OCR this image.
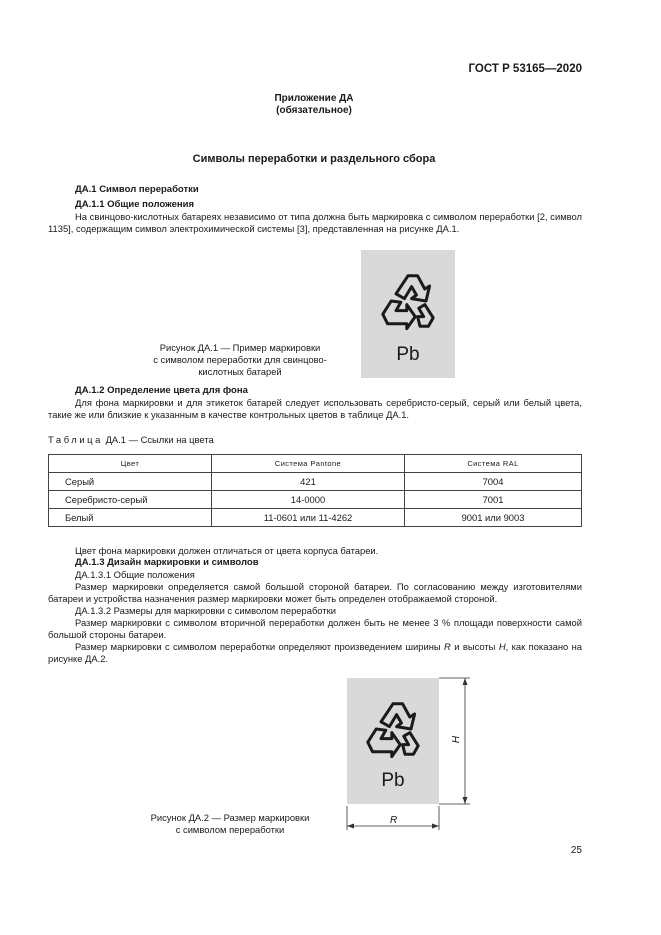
ГОСТ Р 53165—2020
Приложение ДА
(обязательное)
Символы переработки и раздельного сбора
ДА.1 Символ переработки
ДА.1.1 Общие положения
На свинцово-кислотных батареях независимо от типа должна быть маркировка с символом переработки [2, символ 1135], содержащим символ электрохимической системы [3], представленная на рисунке ДА.1.
Pb
Рисунок ДА.1 — Пример маркировки
с символом переработки для свинцово-
кислотных батарей
ДА.1.2 Определение цвета для фона
Для фона маркировки и для этикеток батарей следует использовать серебристо-серый, серый или белый цвета, такие же или близкие к указанным в качестве контрольных цветов в таблице ДА.1.
Таблица ДА.1 — Ссылки на цвета
Цвет	Система Pantone	Система RAL
Серый	421	7004
Серебристо-серый	14-0000	7001
Белый	11-0601 или 11-4262	9001 или 9003
Цвет фона маркировки должен отличаться от цвета корпуса батареи.
ДА.1.3 Дизайн маркировки и символов
ДА.1.3.1 Общие положения
Размер маркировки определяется самой большой стороной батареи. По согласованию между изготовителями батареи и устройства назначения размер маркировки может быть определен отображаемой стороной.
ДА.1.3.2 Размеры для маркировки с символом переработки
Размер маркировки с символом вторичной переработки должен быть не менее 3 % площади поверхности самой большой стороны батареи.
Размер маркировки с символом переработки определяют произведением ширины R и высоты H, как показано на рисунке ДА.2.
Pb
H
R
Рисунок ДА.2 — Размер маркировки
с символом переработки
25
